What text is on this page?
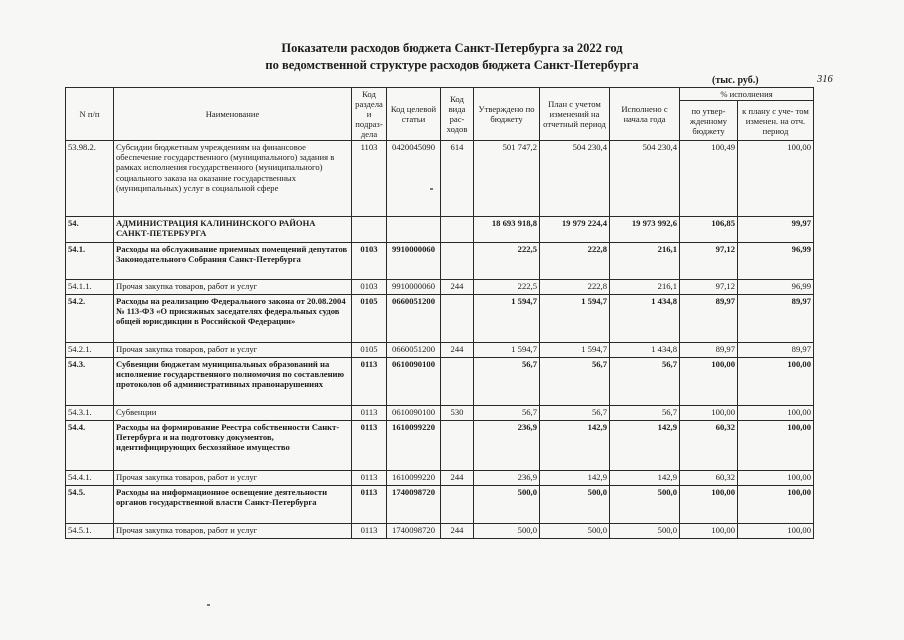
Показатели расходов бюджета Санкт-Петербурга за 2022 год
по ведомственной структуре расходов бюджета Санкт-Петербурга
(тыс. руб.)	316
N п/п	Наименование	Код раздела и подраз- дела	Код целевой статьи	Код вида рас- ходов	Утверждено по бюджету	План с учетом изменений на отчетный период	Исполнено с начала года	% исполнения	
								по утвер- жденному бюджету	к плану с уче- том изменен. на отч. период
53.98.2.	Субсидии бюджетным учреждениям на финансовое обеспечение государственного (муниципального) задания в рамках исполнения государственного (муниципального) социального заказа на оказание государственных (муниципальных) услуг в социальной сфере	1103	0420045090	614	501 747,2	504 230,4	504 230,4	100,49	100,00
54.	АДМИНИСТРАЦИЯ КАЛИНИНСКОГО РАЙОНА САНКТ-ПЕТЕРБУРГА				18 693 918,8	19 979 224,4	19 973 992,6	106,85	99,97
54.1.	Расходы на обслуживание приемных помещений депутатов Законодательного Собрания Санкт-Петербурга	0103	9910000060		222,5	222,8	216,1	97,12	96,99
54.1.1.	Прочая закупка товаров, работ и услуг	0103	9910000060	244	222,5	222,8	216,1	97,12	96,99
54.2.	Расходы на реализацию Федерального закона от 20.08.2004 № 113-ФЗ «О присяжных заседателях федеральных судов общей юрисдикции в Российской Федерации»	0105	0660051200		1 594,7	1 594,7	1 434,8	89,97	89,97
54.2.1.	Прочая закупка товаров, работ и услуг	0105	0660051200	244	1 594,7	1 594,7	1 434,8	89,97	89,97
54.3.	Субвенции бюджетам муниципальных образований на исполнение государственного полномочия по составлению протоколов об административных правонарушениях	0113	0610090100		56,7	56,7	56,7	100,00	100,00
54.3.1.	Субвенции	0113	0610090100	530	56,7	56,7	56,7	100,00	100,00
54.4.	Расходы на формирование Реестра собственности Санкт-Петербурга и на подготовку документов, идентифицирующих бесхозяйное имущество	0113	1610099220		236,9	142,9	142,9	60,32	100,00
54.4.1.	Прочая закупка товаров, работ и услуг	0113	1610099220	244	236,9	142,9	142,9	60,32	100,00
54.5.	Расходы на информационное освещение деятельности органов государственной власти Санкт-Петербурга	0113	1740098720		500,0	500,0	500,0	100,00	100,00
54.5.1.	Прочая закупка товаров, работ и услуг	0113	1740098720	244	500,0	500,0	500,0	100,00	100,00
